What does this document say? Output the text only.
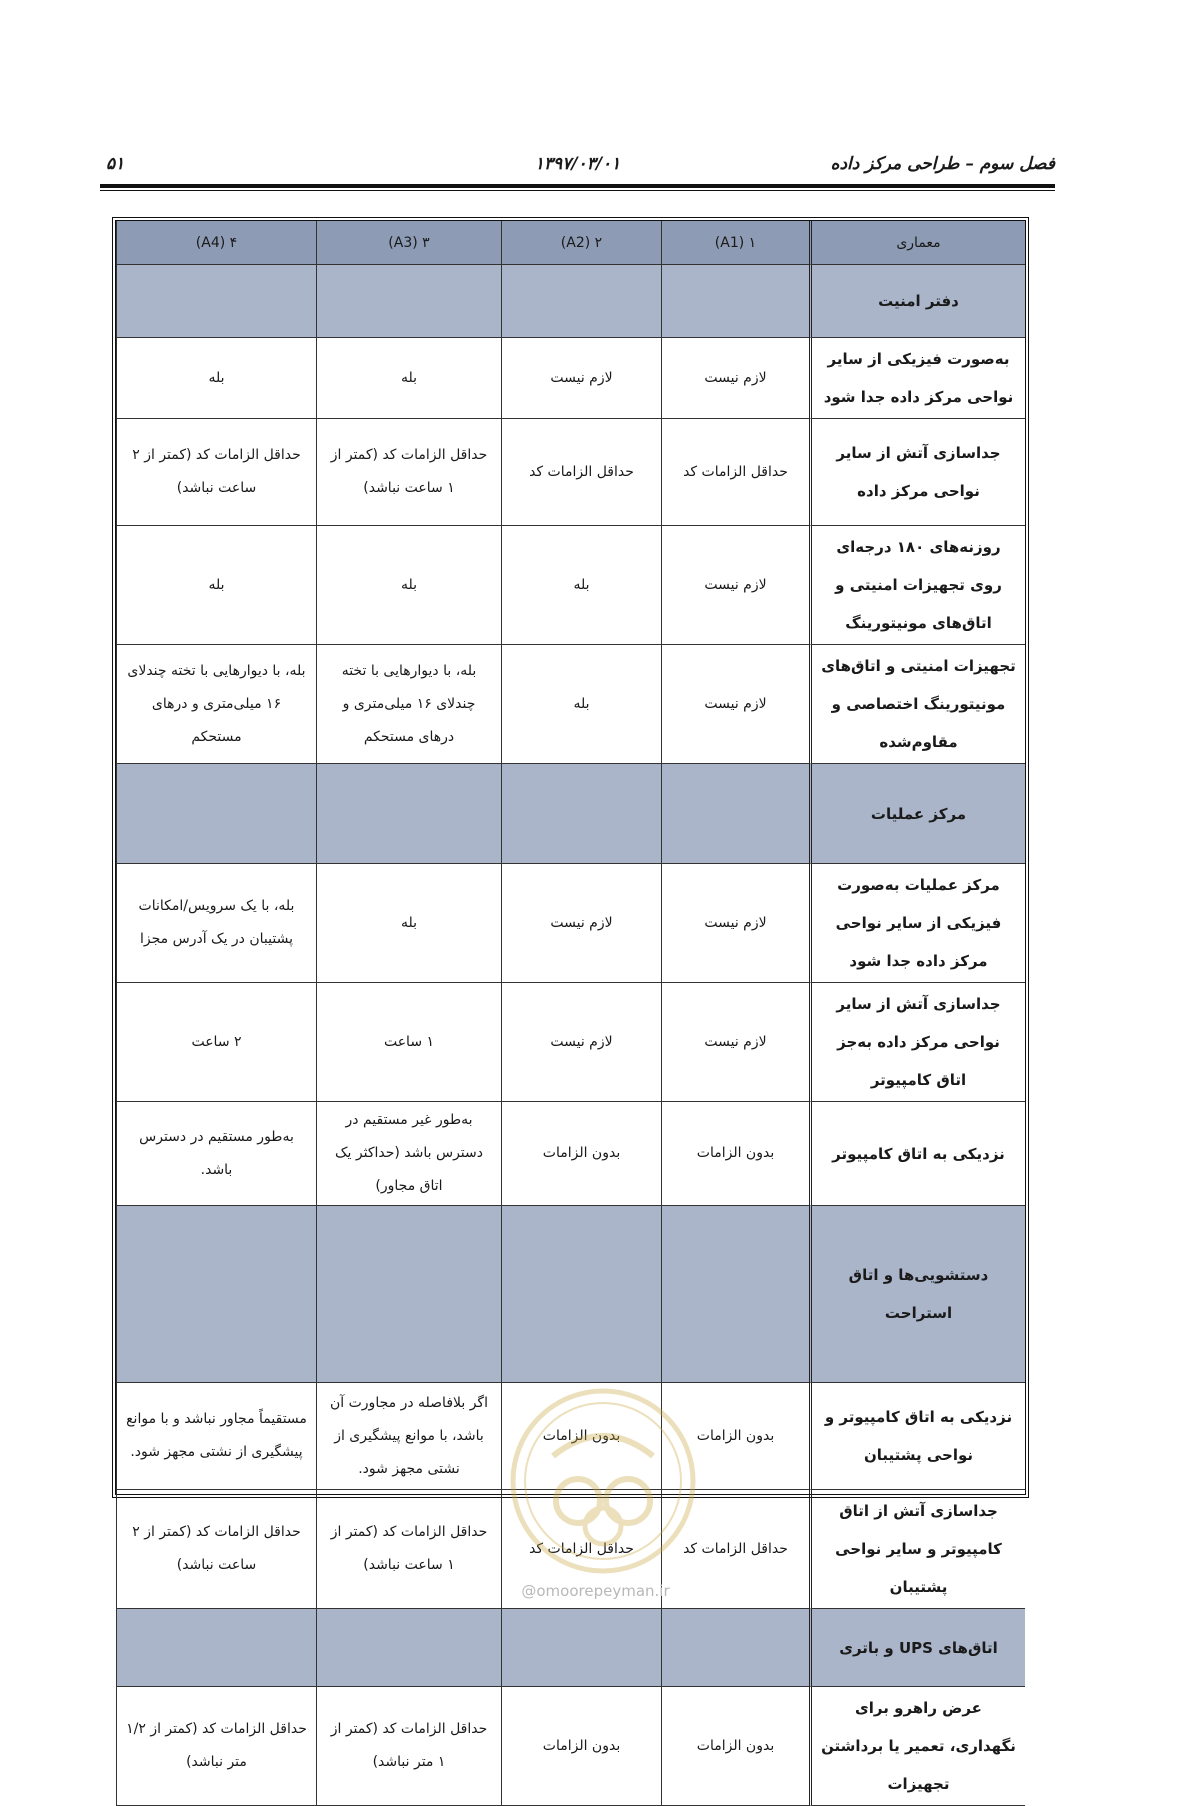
فصل سوم – طراحی مرکز داده
۱۳۹۷/۰۳/۰۱
۵۱
معماری	۱ (A1)	۲ (A2)	۳ (A3)	۴ (A4)
دفتر امنیت				
به‌صورت فیزیکی از سایر نواحی مرکز داده جدا شود	لازم نیست	لازم نیست	بله	بله
جداسازی آتش از سایر نواحی مرکز داده	حداقل الزامات کد	حداقل الزامات کد	حداقل الزامات کد (کمتر از ۱ ساعت نباشد)	حداقل الزامات کد (کمتر از ۲ ساعت نباشد)
روزنه‌های ۱۸۰ درجه‌ای روی تجهیزات امنیتی و اتاق‌های مونیتورینگ	لازم نیست	بله	بله	بله
تجهیزات امنیتی و اتاق‌های مونیتورینگ اختصاصی و مقاوم‌شده	لازم نیست	بله	بله، با دیوارهایی با تخته چندلای ۱۶ میلی‌متری و درهای مستحکم	بله، با دیوارهایی با تخته چندلای ۱۶ میلی‌متری و درهای مستحکم
مرکز عملیات				
مرکز عملیات به‌صورت فیزیکی از سایر نواحی مرکز داده جدا شود	لازم نیست	لازم نیست	بله	بله، با یک سرویس/امکانات پشتیبان در یک آدرس مجزا
جداسازی آتش از سایر نواحی مرکز داده به‌جز اتاق کامپیوتر	لازم نیست	لازم نیست	۱ ساعت	۲ ساعت
نزدیکی به اتاق کامپیوتر	بدون الزامات	بدون الزامات	به‌طور غیر مستقیم در دسترس باشد (حداکثر یک اتاق مجاور)	به‌طور مستقیم در دسترس باشد.
دستشویی‌ها و اتاق استراحت				
نزدیکی به اتاق کامپیوتر و نواحی پشتیبان	بدون الزامات	بدون الزامات	اگر بلافاصله در مجاورت آن باشد، با موانع پیشگیری از نشتی مجهز شود.	مستقیماً مجاور نباشد و با موانع پیشگیری از نشتی مجهز شود.
جداسازی آتش از اتاق کامپیوتر و سایر نواحی پشتیبان	حداقل الزامات کد	حداقل الزامات کد	حداقل الزامات کد (کمتر از ۱ ساعت نباشد)	حداقل الزامات کد (کمتر از ۲ ساعت نباشد)
اتاق‌های UPS و باتری				
عرض راهرو برای نگهداری، تعمیر یا برداشتن تجهیزات	بدون الزامات	بدون الزامات	حداقل الزامات کد (کمتر از ۱ متر نباشد)	حداقل الزامات کد (کمتر از ۱/۲ متر نباشد)
@omoorepeyman.ir
